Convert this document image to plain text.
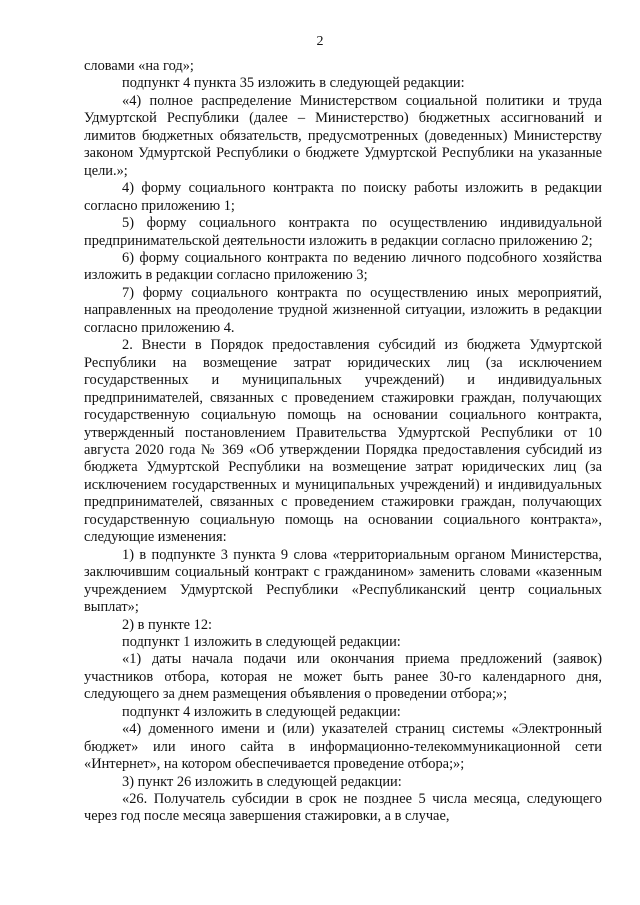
2

словами «на год»;

подпункт 4 пункта 35 изложить в следующей редакции:

«4) полное распределение Министерством социальной политики и труда Удмуртской Республики (далее – Министерство) бюджетных ассигнований и лимитов бюджетных обязательств, предусмотренных (доведенных) Министерству законом Удмуртской Республики о бюджете Удмуртской Республики на указанные цели.»;

4) форму социального контракта по поиску работы изложить в редакции согласно приложению 1;

5) форму социального контракта по осуществлению индивидуальной предпринимательской деятельности изложить в редакции согласно приложению 2;

6) форму социального контракта по ведению личного подсобного хозяйства изложить в редакции согласно приложению 3;

7) форму социального контракта по осуществлению иных мероприятий, направленных на преодоление трудной жизненной ситуации, изложить в редакции согласно приложению 4.

2. Внести в Порядок предоставления субсидий из бюджета Удмуртской Республики на возмещение затрат юридических лиц (за исключением государственных и муниципальных учреждений) и индивидуальных предпринимателей, связанных с проведением стажировки граждан, получающих государственную социальную помощь на основании социального контракта, утвержденный постановлением Правительства Удмуртской Республики от 10 августа 2020 года № 369 «Об утверждении Порядка предоставления субсидий из бюджета Удмуртской Республики на возмещение затрат юридических лиц (за исключением государственных и муниципальных учреждений) и индивидуальных предпринимателей, связанных с проведением стажировки граждан, получающих государственную социальную помощь на основании социального контракта», следующие изменения:

1) в подпункте 3 пункта 9 слова «территориальным органом Министерства, заключившим социальный контракт с гражданином» заменить словами «казенным учреждением Удмуртской Республики «Республиканский центр социальных выплат»;

2) в пункте 12:

подпункт 1 изложить в следующей редакции:

«1) даты начала подачи или окончания приема предложений (заявок) участников отбора, которая не может быть ранее 30-го календарного дня, следующего за днем размещения объявления о проведении отбора;»;

подпункт 4 изложить в следующей редакции:

«4) доменного имени и (или) указателей страниц системы «Электронный бюджет» или иного сайта в информационно-телекоммуникационной сети «Интернет», на котором обеспечивается проведение отбора;»;

3) пункт 26 изложить в следующей редакции:

«26. Получатель субсидии в срок не позднее 5 числа месяца, следующего через год после месяца завершения стажировки, а в случае,
